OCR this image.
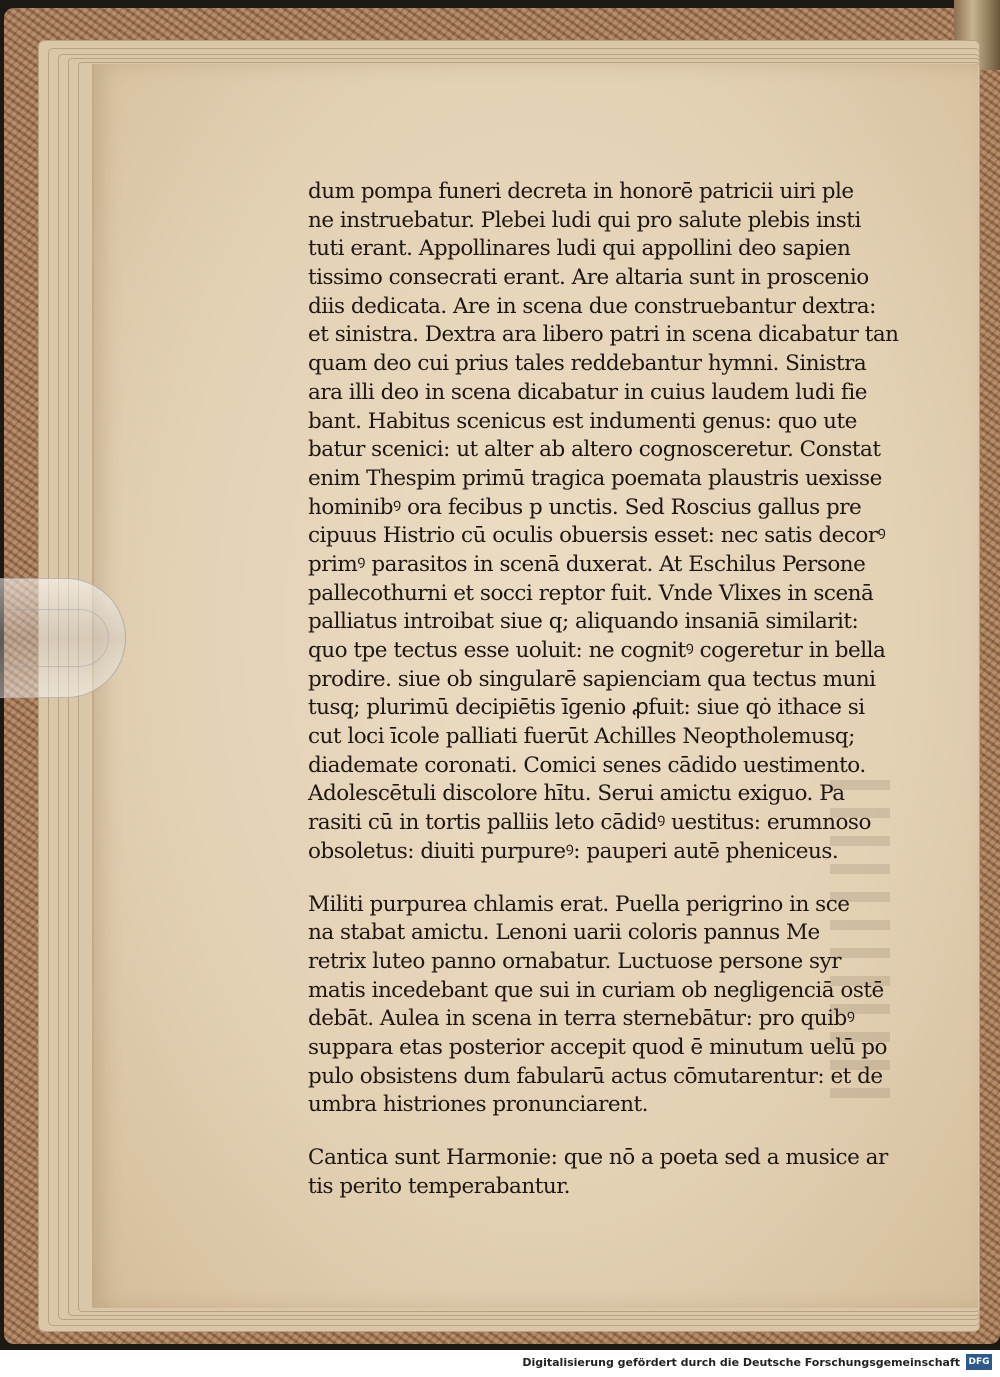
dum pompa funeri decreta in honorē patricii uiri ple
ne instruebatur. Plebei ludi qui pro salute plebis insti
tuti erant. Appollinares ludi qui appollini deo sapien
tissimo consecrati erant. Are altaria sunt in proscenio
diis dedicata. Are in scena due construebantur dextra:
et sinistra. Dextra ara libero patri in scena dicabatur tan
quam deo cui prius tales reddebantur hymni. Sinistra
ara illi deo in scena dicabatur in cuius laudem ludi fie
bant. Habitus scenicus est indumenti genus: quo ute
batur scenici: ut alter ab altero cognosceretur. Constat
enim Thespim primū tragica poemata plaustris uexisse
hominibꝰ ora fecibus p unctis. Sed Roscius gallus pre
cipuus Histrio cū oculis obuersis esset: nec satis decorꝰ
primꝰ parasitos in scenā duxerat. At Eschilus Persone
pallecothurni et socci reptor fuit. Vnde Vlixes in scenā
palliatus introibat siue q; aliquando insaniā similarit:
quo tpe tectus esse uoluit: ne cognitꝰ cogeretur in bella
prodire. siue ob singularē sapienciam qua tectus muni
tusq; plurimū decipiētis īgenio ꝓfuit: siue qȯ ithace si
cut loci īcole palliati fuerūt Achilles Neoptholemusq;
diademate coronati. Comici senes cādido uestimento.
Adolescētuli discolore hītu. Serui amictu exiguo. Pa
rasiti cū in tortis palliis leto cādidꝰ uestitus: erumnoso
obsoletus: diuiti purpureꝰ: pauperi autē pheniceus.
Militi purpurea chlamis erat. Puella perigrino in sce
na stabat amictu. Lenoni uarii coloris pannus Me
retrix luteo panno ornabatur. Luctuose persone syr
matis incedebant que sui in curiam ob negligenciā ostē
debāt. Aulea in scena in terra sternebātur: pro quibꝰ
suppara etas posterior accepit quod ē minutum uelū po
pulo obsistens dum fabularū actus cōmutarentur: et de
umbra histriones pronunciarent.
Cantica sunt Harmonie: que nō a poeta sed a musice ar
tis perito temperabantur.
Digitalisierung gefördert durch die Deutsche Forschungsgemeinschaft DFG
